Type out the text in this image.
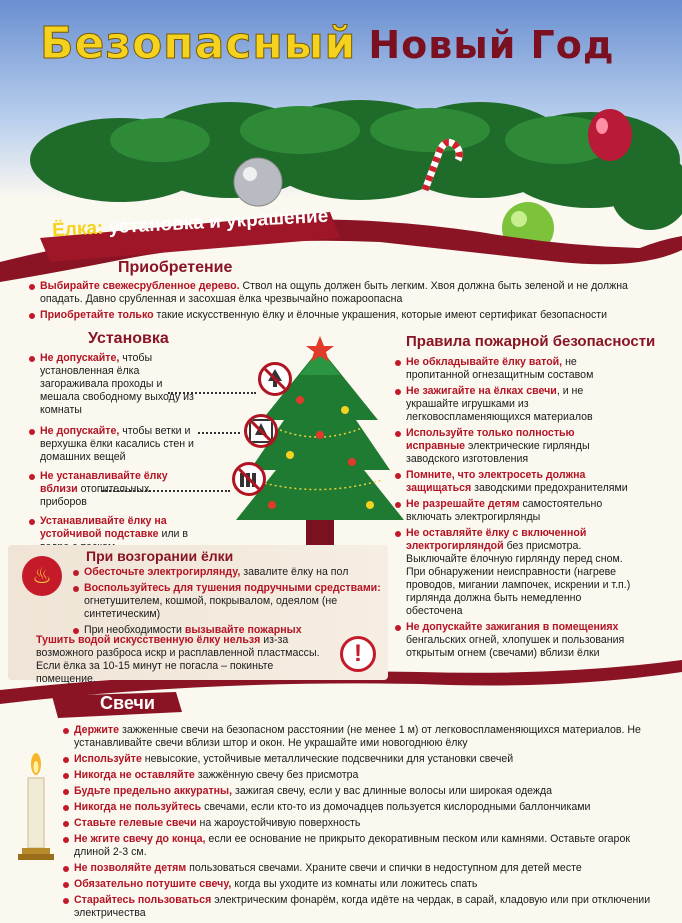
Безопасный Новый Год
Ёлка: установка и украшение
Приобретение
Выбирайте свежесрубленное дерево. Ствол на ощупь должен быть легким. Хвоя должна быть зеленой и не должна опадать. Давно срубленная и засохшая ёлка чрезвычайно пожароопасна
Приобретайте только такие искусственную ёлку и ёлочные украшения, которые имеют сертификат безопасности
Установка
Не допускайте, чтобы установленная ёлка загораживала проходы и мешала свободному выходу из комнаты
Не допускайте, чтобы ветки и верхушка ёлки касались стен и домашних вещей
Не устанавливайте ёлку вблизи отопительных приборов
Устанавливайте ёлку на устойчивой подставке или в
Правила пожарной безопасности
Не обкладывайте ёлку ватой, не пропитанной огнезащитным составом
Не зажигайте на ёлках свечи, и не украшайте игрушками из легковоспламеняющихся материалов
Используйте только полностью исправные электрические гирлянды заводского изготовления
Помните, что электросеть должна защищаться заводскими предохранителями
Не разрешайте детям самостоятельно включать электрогирлянды
Не оставляйте ёлку с включенной электрогирляндой без присмотра. Выключайте ёлочную гирлянду перед сном. При обнаружении неисправности (нагреве проводов, мигании лампочек, искрении и т.п.) гирлянда должна быть немедленно обесточена
Не допускайте зажигания в помещениях бенгальских огней, хлопушек и пользования открытым огнем (свечами) вблизи ёлки
♨
При возгорании ёлки
Обесточьте электрогирлянду, завалите ёлку на пол
Воспользуйтесь для тушения подручными средствами: огнетушителем, кошмой, покрывалом, одеялом (не синтетическим)
При необходимости вызывайте пожарных
Тушить водой искусственную ёлку нельзя из-за возможного разброса искр и расплавленной пластмассы. Если ёлка за 10-15 минут не погасла – покиньте помещение.
!
Свечи
Держите зажженные свечи на безопасном расстоянии (не менее 1 м) от легковоспламеняющихся материалов. Не устанавливайте свечи вблизи штор и окон. Не украшайте ими новогоднюю ёлку
Используйте невысокие, устойчивые металлические подсвечники для установки свечей
Никогда не оставляйте зажжённую свечу без присмотра
Будьте предельно аккуратны, зажигая свечу, если у вас длинные волосы или широкая одежда
Никогда не пользуйтесь свечами, если кто-то из домочадцев пользуется кислородными баллончиками
Ставьте гелевые свечи на жароустойчивую поверхность
Не жгите свечу до конца, если ее основание не прикрыто декоративным песком или камнями. Оставьте огарок длиной 2-3 см.
Не позволяйте детям пользоваться свечами. Храните свечи и спички в недоступном для детей месте
Обязательно потушите свечу, когда вы уходите из комнаты или ложитесь спать
Старайтесь пользоваться электрическим фонарём, когда идёте на чердак, в сарай, кладовую или при отключении электричества
